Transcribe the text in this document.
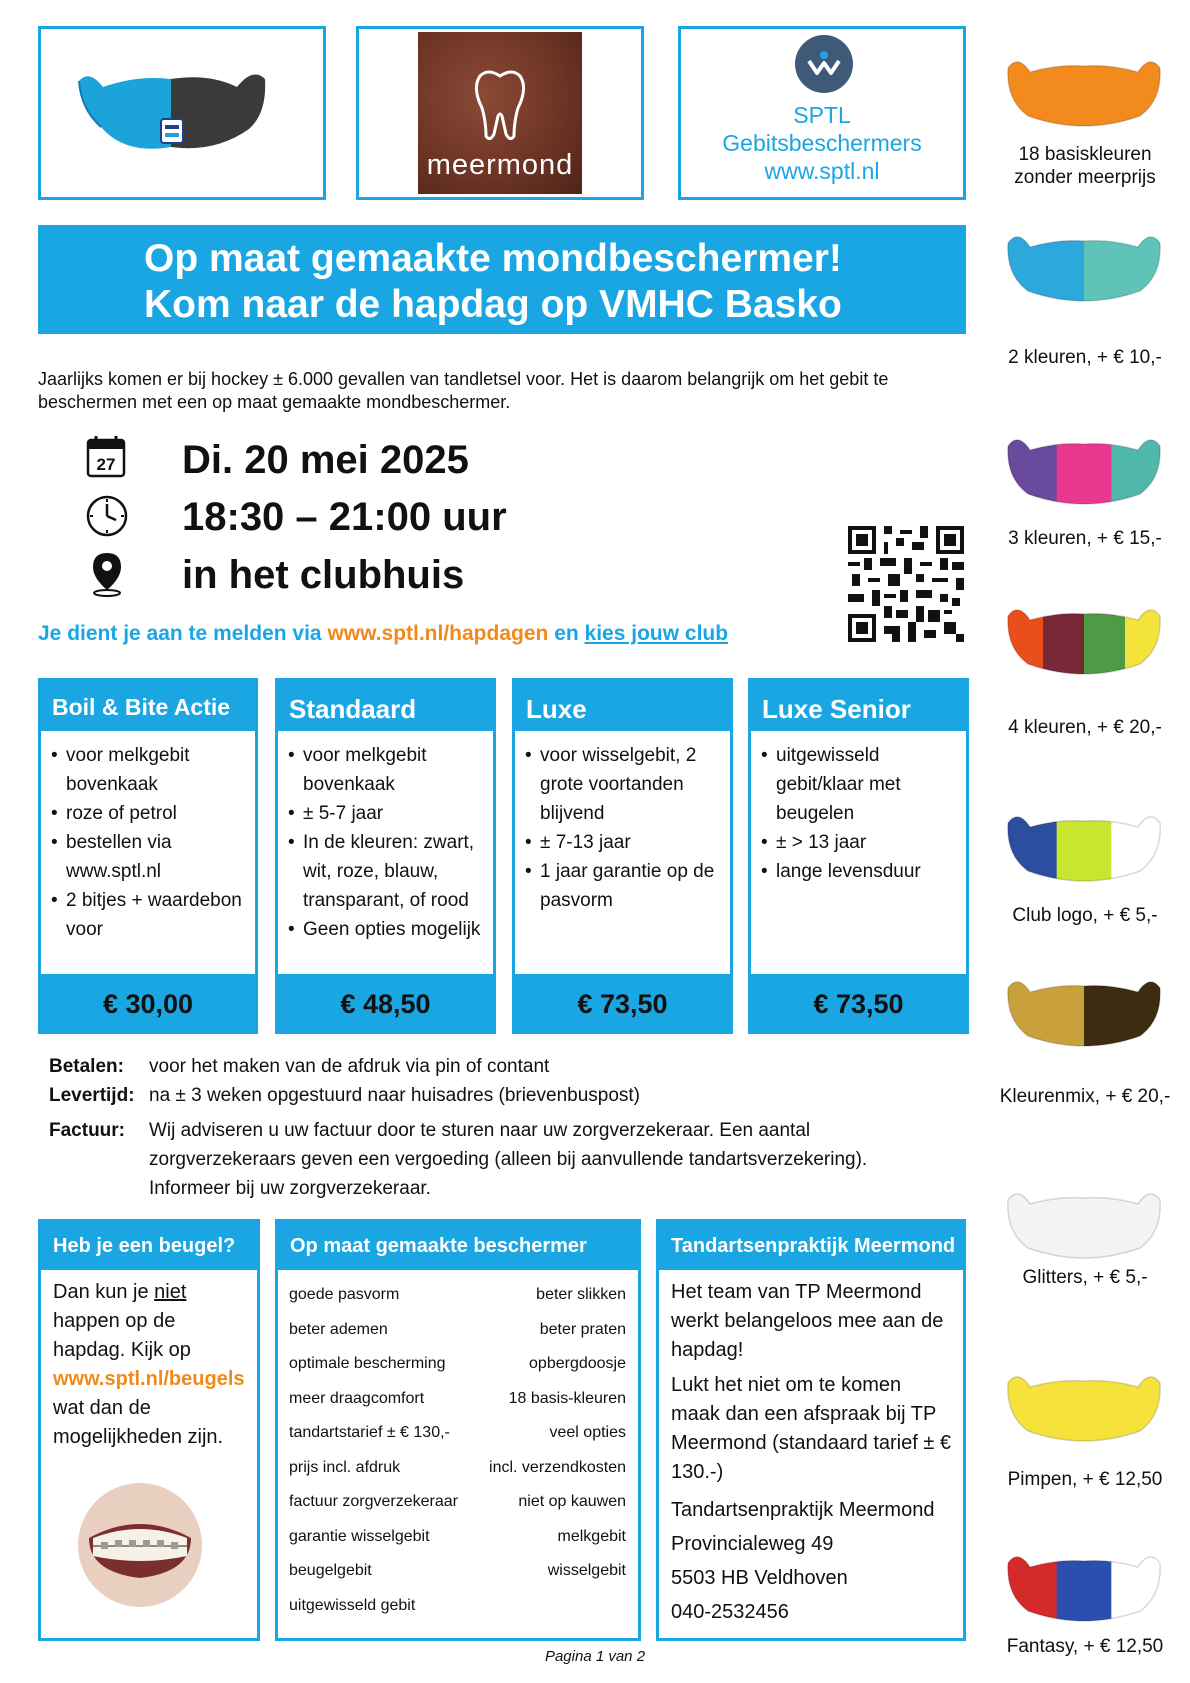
meermond
SPTL
Gebitsbeschermers
www.sptl.nl
Op maat gemaakte mondbeschermer!
Kom naar de hapdag op VMHC Basko
Jaarlijks komen er bij hockey ± 6.000 gevallen van tandletsel voor. Het is daarom belangrijk om het gebit te beschermen met een op maat gemaakte mondbeschermer.
27 Di. 20 mei 2025
18:30 – 21:00 uur
in het clubhuis
Je dient je aan te melden via www.sptl.nl/hapdagen en kies jouw club
Boil & Bite Actie
• voor melkgebit bovenkaak
• roze of petrol
• bestellen via www.sptl.nl
• 2 bitjes + waardebon voor
€ 30,00
Standaard
• voor melkgebit bovenkaak
• ± 5-7 jaar
• In de kleuren: zwart, wit, roze, blauw, transparant, of rood
• Geen opties mogelijk
€ 48,50
Luxe
• voor wisselgebit, 2 grote voortanden blijvend
• ± 7-13 jaar
• 1 jaar garantie op de pasvorm
€ 73,50
Luxe Senior
• uitgewisseld gebit/klaar met beugelen
• ± > 13 jaar
• lange levensduur
€ 73,50
Betalen: voor het maken van de afdruk via pin of contant
Levertijd: na ± 3 weken opgestuurd naar huisadres (brievenbuspost)
Factuur: Wij adviseren u uw factuur door te sturen naar uw zorgverzekeraar. Een aantal zorgverzekeraars geven een vergoeding (alleen bij aanvullende tandartsverzekering). Informeer bij uw zorgverzekeraar.
Heb je een beugel?
Dan kun je niet happen op de hapdag. Kijk op www.sptl.nl/beugels wat dan de mogelijkheden zijn.
Op maat gemaakte beschermer
goede pasvorm	beter slikken
beter ademen	beter praten
optimale bescherming	opbergdoosje
meer draagcomfort	18 basis-kleuren
tandartstarief ± € 130,-	veel opties
prijs incl. afdruk	incl. verzendkosten
factuur zorgverzekeraar	niet op kauwen
garantie wisselgebit	melkgebit
beugelgebit	wisselgebit
uitgewisseld gebit
Tandartsenpraktijk Meermond

Het team van TP Meermond werkt belangeloos mee aan de hapdag!

Lukt het niet om te komen maak dan een afspraak bij TP Meermond (standaard tarief ± € 130.-)

Tandartsenpraktijk Meermond
Provincialeweg 49
5503 HB Veldhoven
040-2532456
18 basiskleuren
zonder meerprijs
2 kleuren, + € 10,-
3 kleuren, + € 15,-
4 kleuren, + € 20,-
Club logo, + € 5,-
Kleurenmix, + € 20,-
Glitters, + € 5,-
Pimpen, + € 12,50
Fantasy, + € 12,50
Pagina 1 van 2
